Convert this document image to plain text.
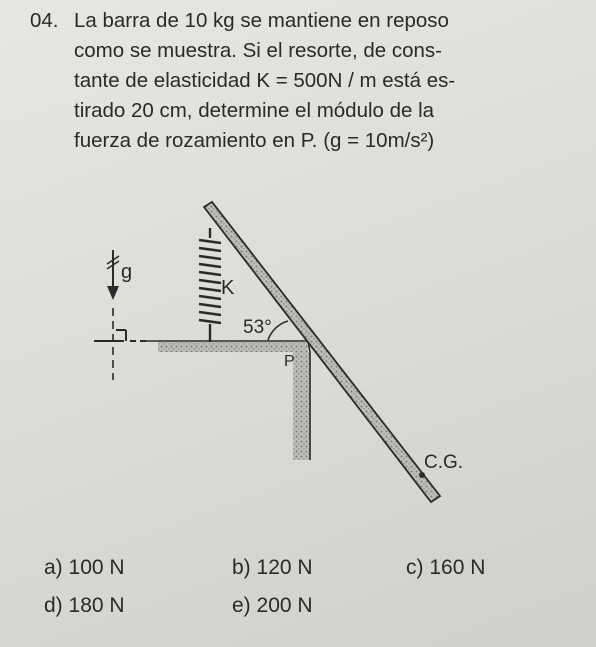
04. La barra de 10 kg se mantiene en reposo
como se muestra. Si el resorte, de cons-
tante de elasticidad K = 500N / m está es-
tirado 20 cm, determine el módulo de la
fuerza de rozamiento en P. (g = 10m/s²)
g
K
P
53°
C.G.
a) 100 N	b) 120 N	c) 160 N
d) 180 N	e) 200 N
